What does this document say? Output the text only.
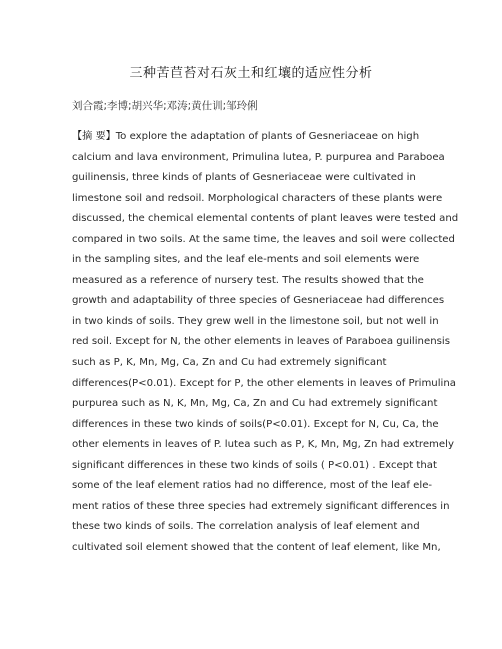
三种苦苣苔对石灰土和红壤的适应性分析
刘合霞;李博;胡兴华;邓涛;黄仕训;邹玲俐
【摘 要】To explore the adaptation of plants of Gesneriaceae on high
calcium and lava environment, Primulina lutea, P. purpurea and Paraboea
guilinensis, three kinds of plants of Gesneriaceae were cultivated in
limestone soil and redsoil. Morphological characters of these plants were
discussed, the chemical elemental contents of plant leaves were tested and
compared in two soils. At the same time, the leaves and soil were collected
in the sampling sites, and the leaf ele-ments and soil elements were
measured as a reference of nursery test. The results showed that the
growth and adaptability of three species of Gesneriaceae had differences
in two kinds of soils. They grew well in the limestone soil, but not well in
red soil. Except for N, the other elements in leaves of Paraboea guilinensis
such as P, K, Mn, Mg, Ca, Zn and Cu had extremely significant
differences(P<0.01). Except for P, the other elements in leaves of Primulina
purpurea such as N, K, Mn, Mg, Ca, Zn and Cu had extremely significant
differences in these two kinds of soils(P<0.01). Except for N, Cu, Ca, the
other elements in leaves of P. lutea such as P, K, Mn, Mg, Zn had extremely
significant differences in these two kinds of soils ( P<0.01) . Except that
some of the leaf element ratios had no difference, most of the leaf ele-
ment ratios of these three species had extremely significant differences in
these two kinds of soils. The correlation analysis of leaf element and
cultivated soil element showed that the content of leaf element, like Mn,
